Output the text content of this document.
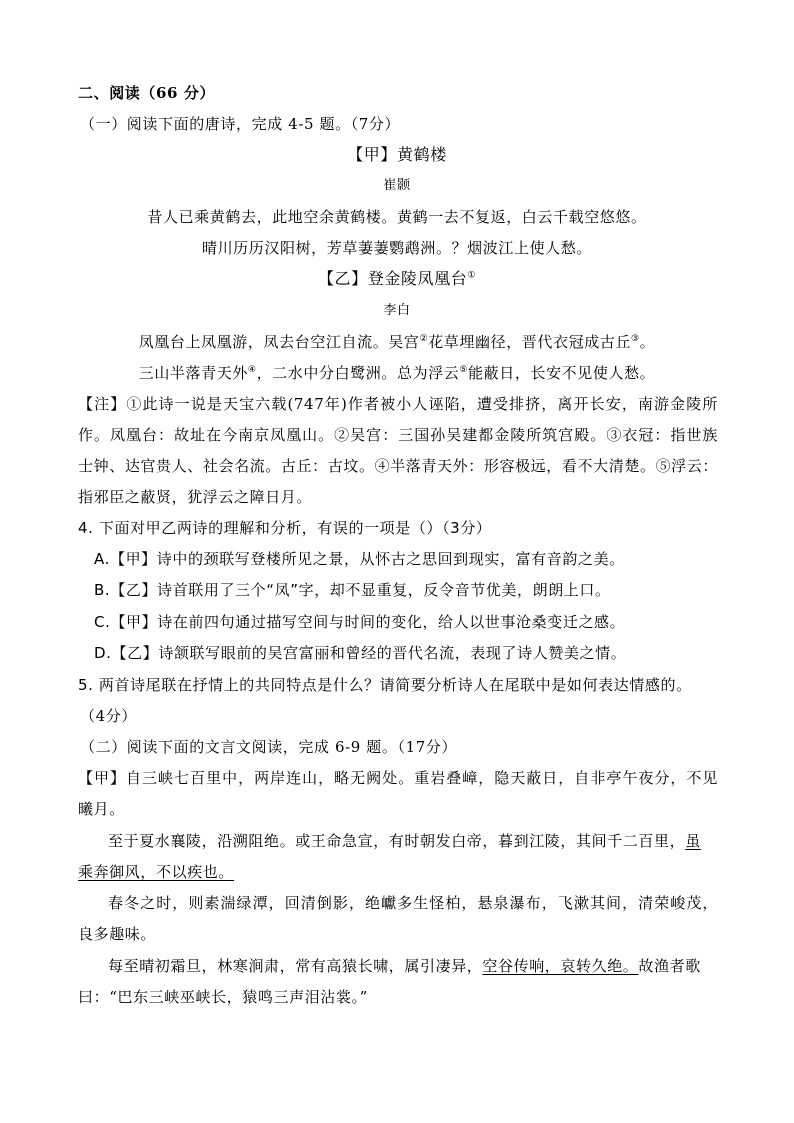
二、阅读（66 分）
（一）阅读下面的唐诗，完成 4-5 题。（7分）
【甲】黄鹤楼
崔颢
昔人已乘黄鹤去，此地空余黄鹤楼。黄鹤一去不复返，白云千载空悠悠。
晴川历历汉阳树，芳草萋萋鹦鹉洲。？烟波江上使人愁。
【乙】登金陵凤凰台①
李白
凤凰台上凤凰游，凤去台空江自流。吴宫②花草埋幽径，晋代衣冠成古丘③。
三山半落青天外④，二水中分白鹭洲。总为浮云⑤能蔽日，长安不见使人愁。
【注】①此诗一说是天宝六载(747年)作者被小人诬陷，遭受排挤，离开长安，南游金陵所
作。凤凰台：故址在今南京凤凰山。②吴宫：三国孙吴建都金陵所筑宫殿。③衣冠：指世族
士钟、达官贵人、社会名流。古丘：古坟。④半落青天外：形容极远，看不大清楚。⑤浮云：
指邪臣之蔽贤，犹浮云之障日月。
4. 下面对甲乙两诗的理解和分析，有误的一项是（）（3分）
A.【甲】诗中的颈联写登楼所见之景，从怀古之思回到现实，富有音韵之美。
B.【乙】诗首联用了三个“凤”字，却不显重复，反令音节优美，朗朗上口。
C.【甲】诗在前四句通过描写空间与时间的变化，给人以世事沧桑变迁之感。
D.【乙】诗颔联写眼前的吴宫富丽和曾经的晋代名流，表现了诗人赞美之情。
5. 两首诗尾联在抒情上的共同特点是什么？请简要分析诗人在尾联中是如何表达情感的。
（4分）
（二）阅读下面的文言文阅读，完成 6-9 题。（17分）
【甲】自三峡七百里中，两岸连山，略无阙处。重岩叠嶂，隐天蔽日，自非亭午夜分，不见
曦月。
至于夏水襄陵，沿溯阻绝。或王命急宣，有时朝发白帝，暮到江陵，其间千二百里，虽
乘奔御风，不以疾也。
春冬之时，则素湍绿潭，回清倒影，绝巘多生怪柏，悬泉瀑布，飞漱其间，清荣峻茂，
良多趣味。
每至晴初霜旦，林寒涧肃，常有高猿长啸，属引凄异，空谷传响，哀转久绝。故渔者歌
曰：“巴东三峡巫峡长，猿鸣三声泪沾裳。”
